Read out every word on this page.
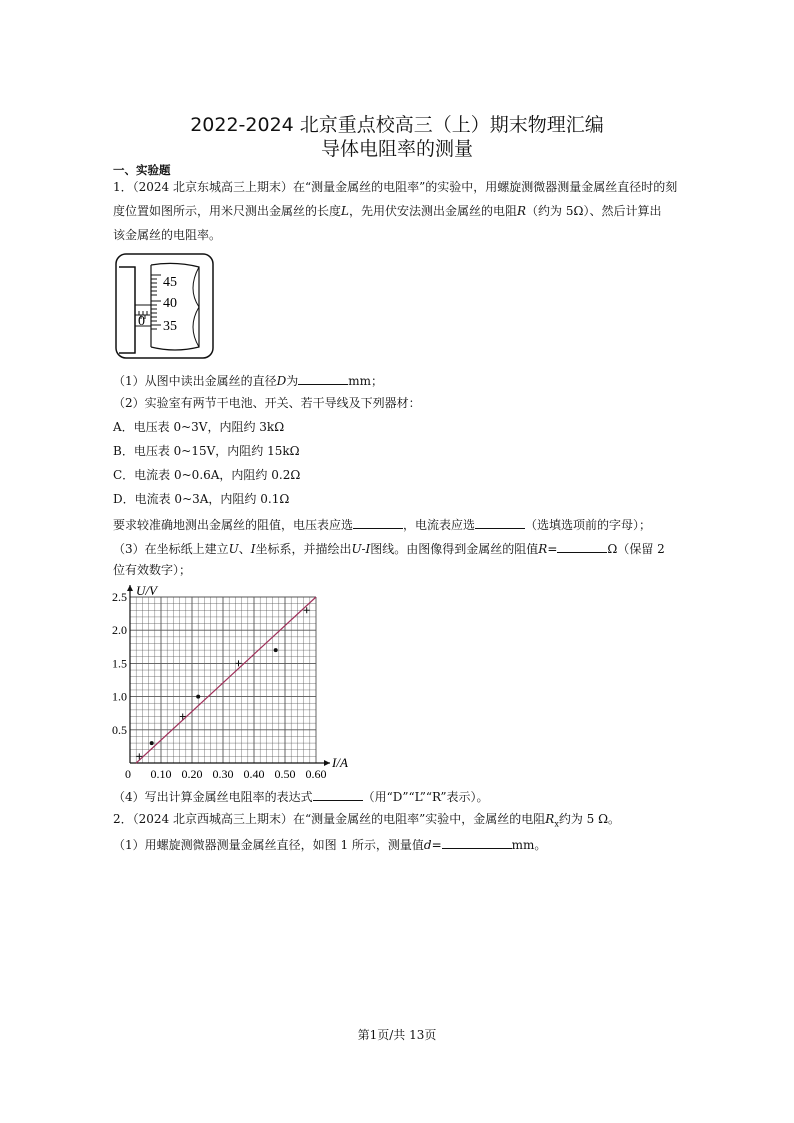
2022-2024 北京重点校高三（上）期末物理汇编
导体电阻率的测量
一、实验题
1．（2024 北京东城高三上期末）在“测量金属丝的电阻率”的实验中，用螺旋测微器测量金属丝直径时的刻
度位置如图所示，用米尺测出金属丝的长度L，先用伏安法测出金属丝的电阻R（约为 5Ω）、然后计算出
该金属丝的电阻率。
45
40
35
0
（1）从图中读出金属丝的直径D为	mm；
（2）实验室有两节干电池、开关、若干导线及下列器材：
A．电压表 0~3V，内阻约 3kΩ
B．电压表 0~15V，内阻约 15kΩ
C．电流表 0~0.6A，内阻约 0.2Ω
D．电流表 0~3A，内阻约 0.1Ω
要求较准确地测出金属丝的阻值，电压表应选	，电流表应选	（选填选项前的字母）；
（3）在坐标纸上建立U、I坐标系，并描绘出U-I图线。由图像得到金属丝的阻值R=	Ω（保留 2
位有效数字）；
0 0.10 0.20 0.30 0.40 0.50 0.60
0.5
1.0
1.5
2.0
2.5
I/A
U/V
（4）写出计算金属丝电阻率的表达式	（用“D”“L”“R”表示）。
2．（2024 北京西城高三上期末）在“测量金属丝的电阻率”实验中，金属丝的电阻$R_x$约为 5 Ω。
（1）用螺旋测微器测量金属丝直径，如图 1 所示，测量值d=	mm。
第1页/共 13页
